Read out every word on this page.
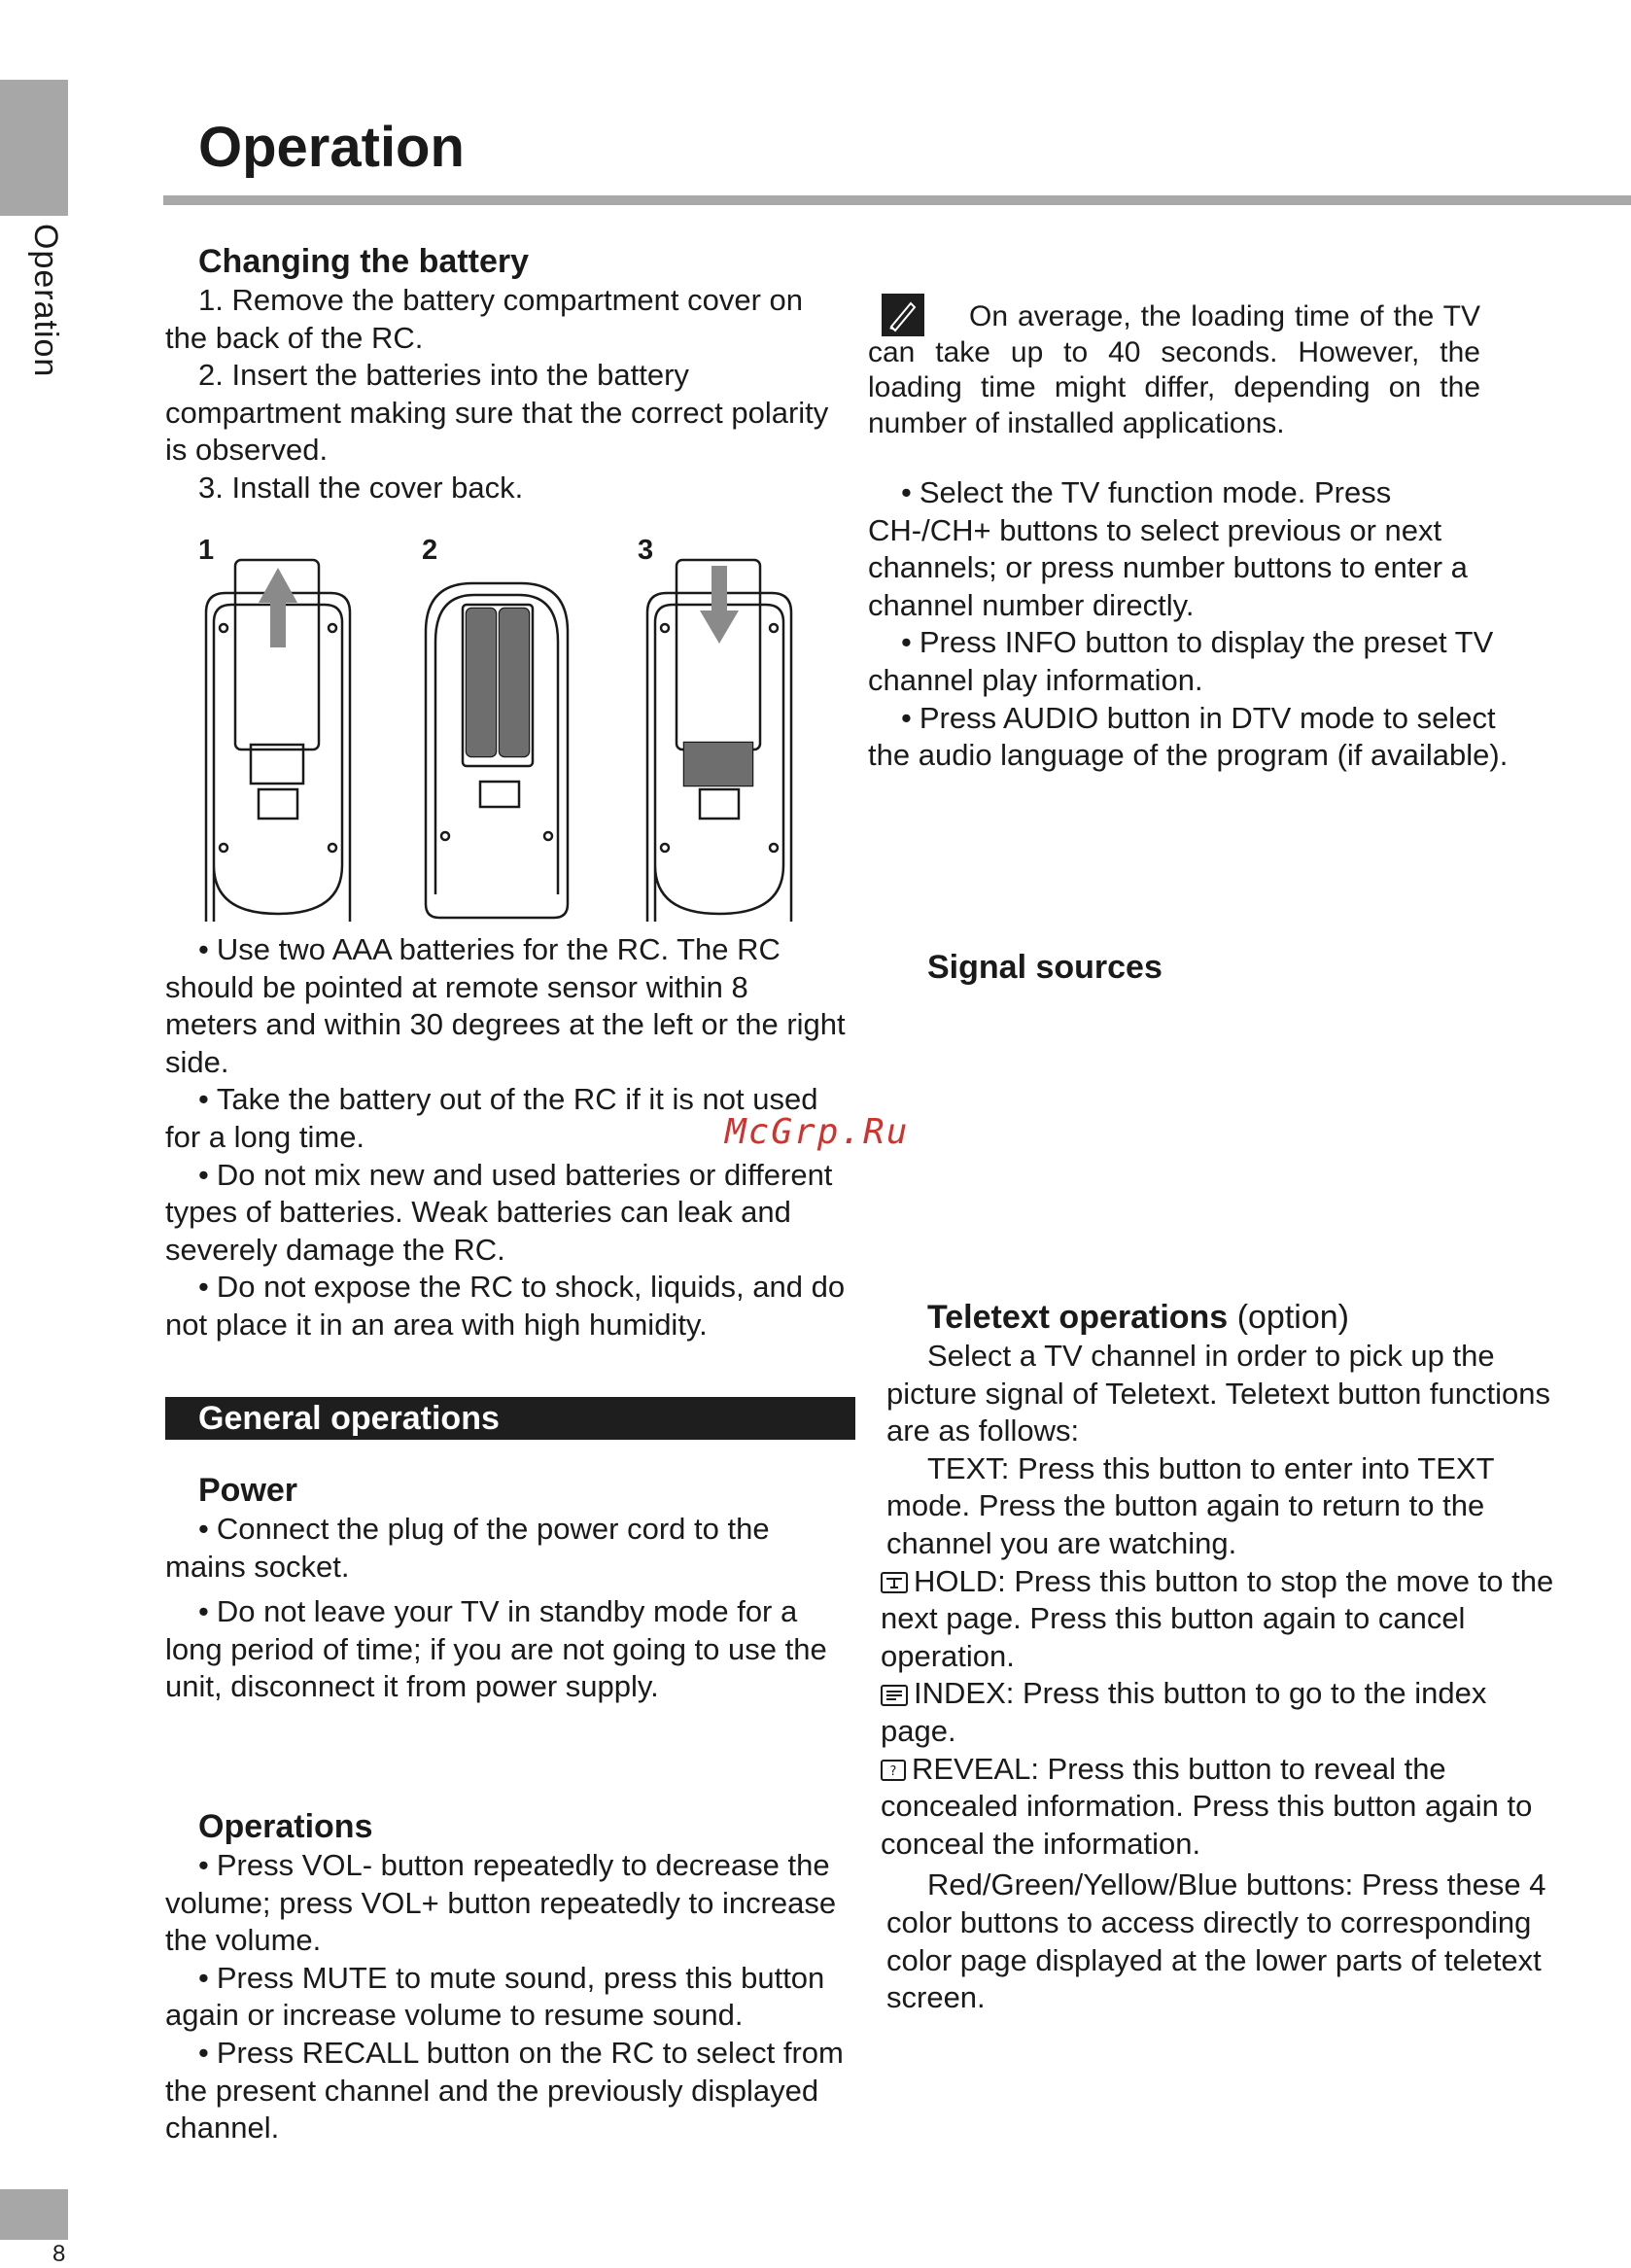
Operation
Operation
Changing the battery

1. Remove the battery compartment cover on the back of the RC.

2. Insert the batteries into the battery compartment making sure that the correct polarity is observed.

3. Install the cover back.

1	2	3

• Use two AAA batteries for the RC. The RC should be pointed at remote sensor within 8 meters and within 30 degrees at the left or the right side.

• Take the battery out of the RC if it is not used for a long time.

• Do not mix new and used batteries or different types of batteries. Weak batteries can leak and severely damage the RC.

• Do not expose the RC to shock, liquids, and do not place it in an area with high humidity.

General operations
Power

• Connect the plug of the power cord to the mains socket.

• Do not leave your TV in standby mode for a long period of time; if you are not going to use the unit, disconnect it from power supply.

Operations

• Press VOL- button repeatedly to decrease the volume; press VOL+ button repeatedly to increase the volume.

• Press MUTE to mute sound, press this button again or increase volume to resume sound.

• Press RECALL button on the RC to select from the present channel and the previously displayed channel.

On average, the loading time of the TV can take up to 40 seconds. However, the loading time might differ, depending on the number of installed applications.

• Select the TV function mode. Press CH-/CH+ buttons to select previous or next channels; or press number buttons to enter a channel number directly.

• Press INFO button to display the preset TV channel play information.

• Press AUDIO button in DTV mode to select the audio language of the program (if available).

Signal sources
McGrp.Ru
Teletext operations (option)

Select a TV channel in order to pick up the picture signal of Teletext. Teletext button functions are as follows:

TEXT: Press this button to enter into TEXT mode. Press the button again to return to the channel you are watching.

HOLD: Press this button to stop the move to the next page. Press this button again to cancel operation.

INDEX: Press this button to go to the index page.

? REVEAL: Press this button to reveal the concealed information. Press this button again to conceal the information.

Red/Green/Yellow/Blue buttons: Press these 4 color buttons to access directly to corresponding color page displayed at the lower parts of teletext screen.

8
